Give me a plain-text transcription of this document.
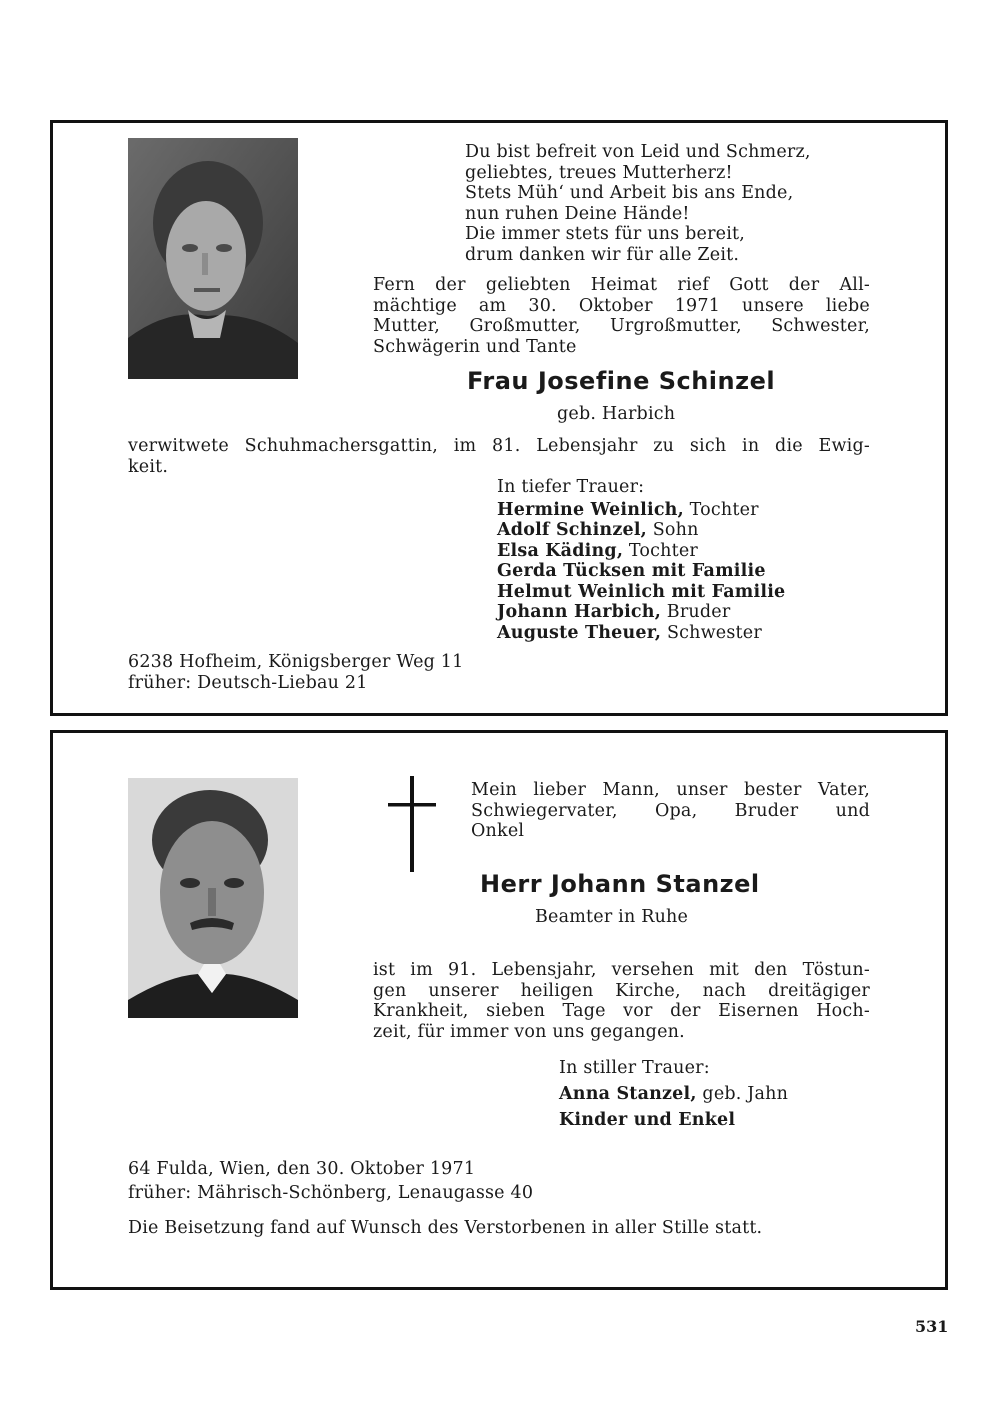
Du bist befreit von Leid und Schmerz,
geliebtes, treues Mutterherz!
Stets Müh‘ und Arbeit bis ans Ende,
nun ruhen Deine Hände!
Die immer stets für uns bereit,
drum danken wir für alle Zeit.
Fern der geliebten Heimat rief Gott der All-
mächtige am 30. Oktober 1971 unsere liebe
Mutter, Großmutter, Urgroßmutter, Schwester,
Schwägerin und Tante
Frau Josefine Schinzel
geb. Harbich
verwitwete Schuhmachersgattin, im 81. Lebensjahr zu sich in die Ewig-
keit.
In tiefer Trauer:
Hermine Weinlich, Tochter
Adolf Schinzel, Sohn
Elsa Käding, Tochter
Gerda Tücksen mit Familie
Helmut Weinlich mit Familie
Johann Harbich, Bruder
Auguste Theuer, Schwester
6238 Hofheim, Königsberger Weg 11
früher: Deutsch-Liebau 21
Mein lieber Mann, unser bester Vater,
Schwiegervater, Opa, Bruder und
Onkel
Herr Johann Stanzel
Beamter in Ruhe
ist im 91. Lebensjahr, versehen mit den Töstun-
gen unserer heiligen Kirche, nach dreitägiger
Krankheit, sieben Tage vor der Eisernen Hoch-
zeit, für immer von uns gegangen.
In stiller Trauer:
Anna Stanzel, geb. Jahn
Kinder und Enkel
64 Fulda, Wien, den 30. Oktober 1971
früher: Mährisch-Schönberg, Lenaugasse 40
Die Beisetzung fand auf Wunsch des Verstorbenen in aller Stille statt.
531
